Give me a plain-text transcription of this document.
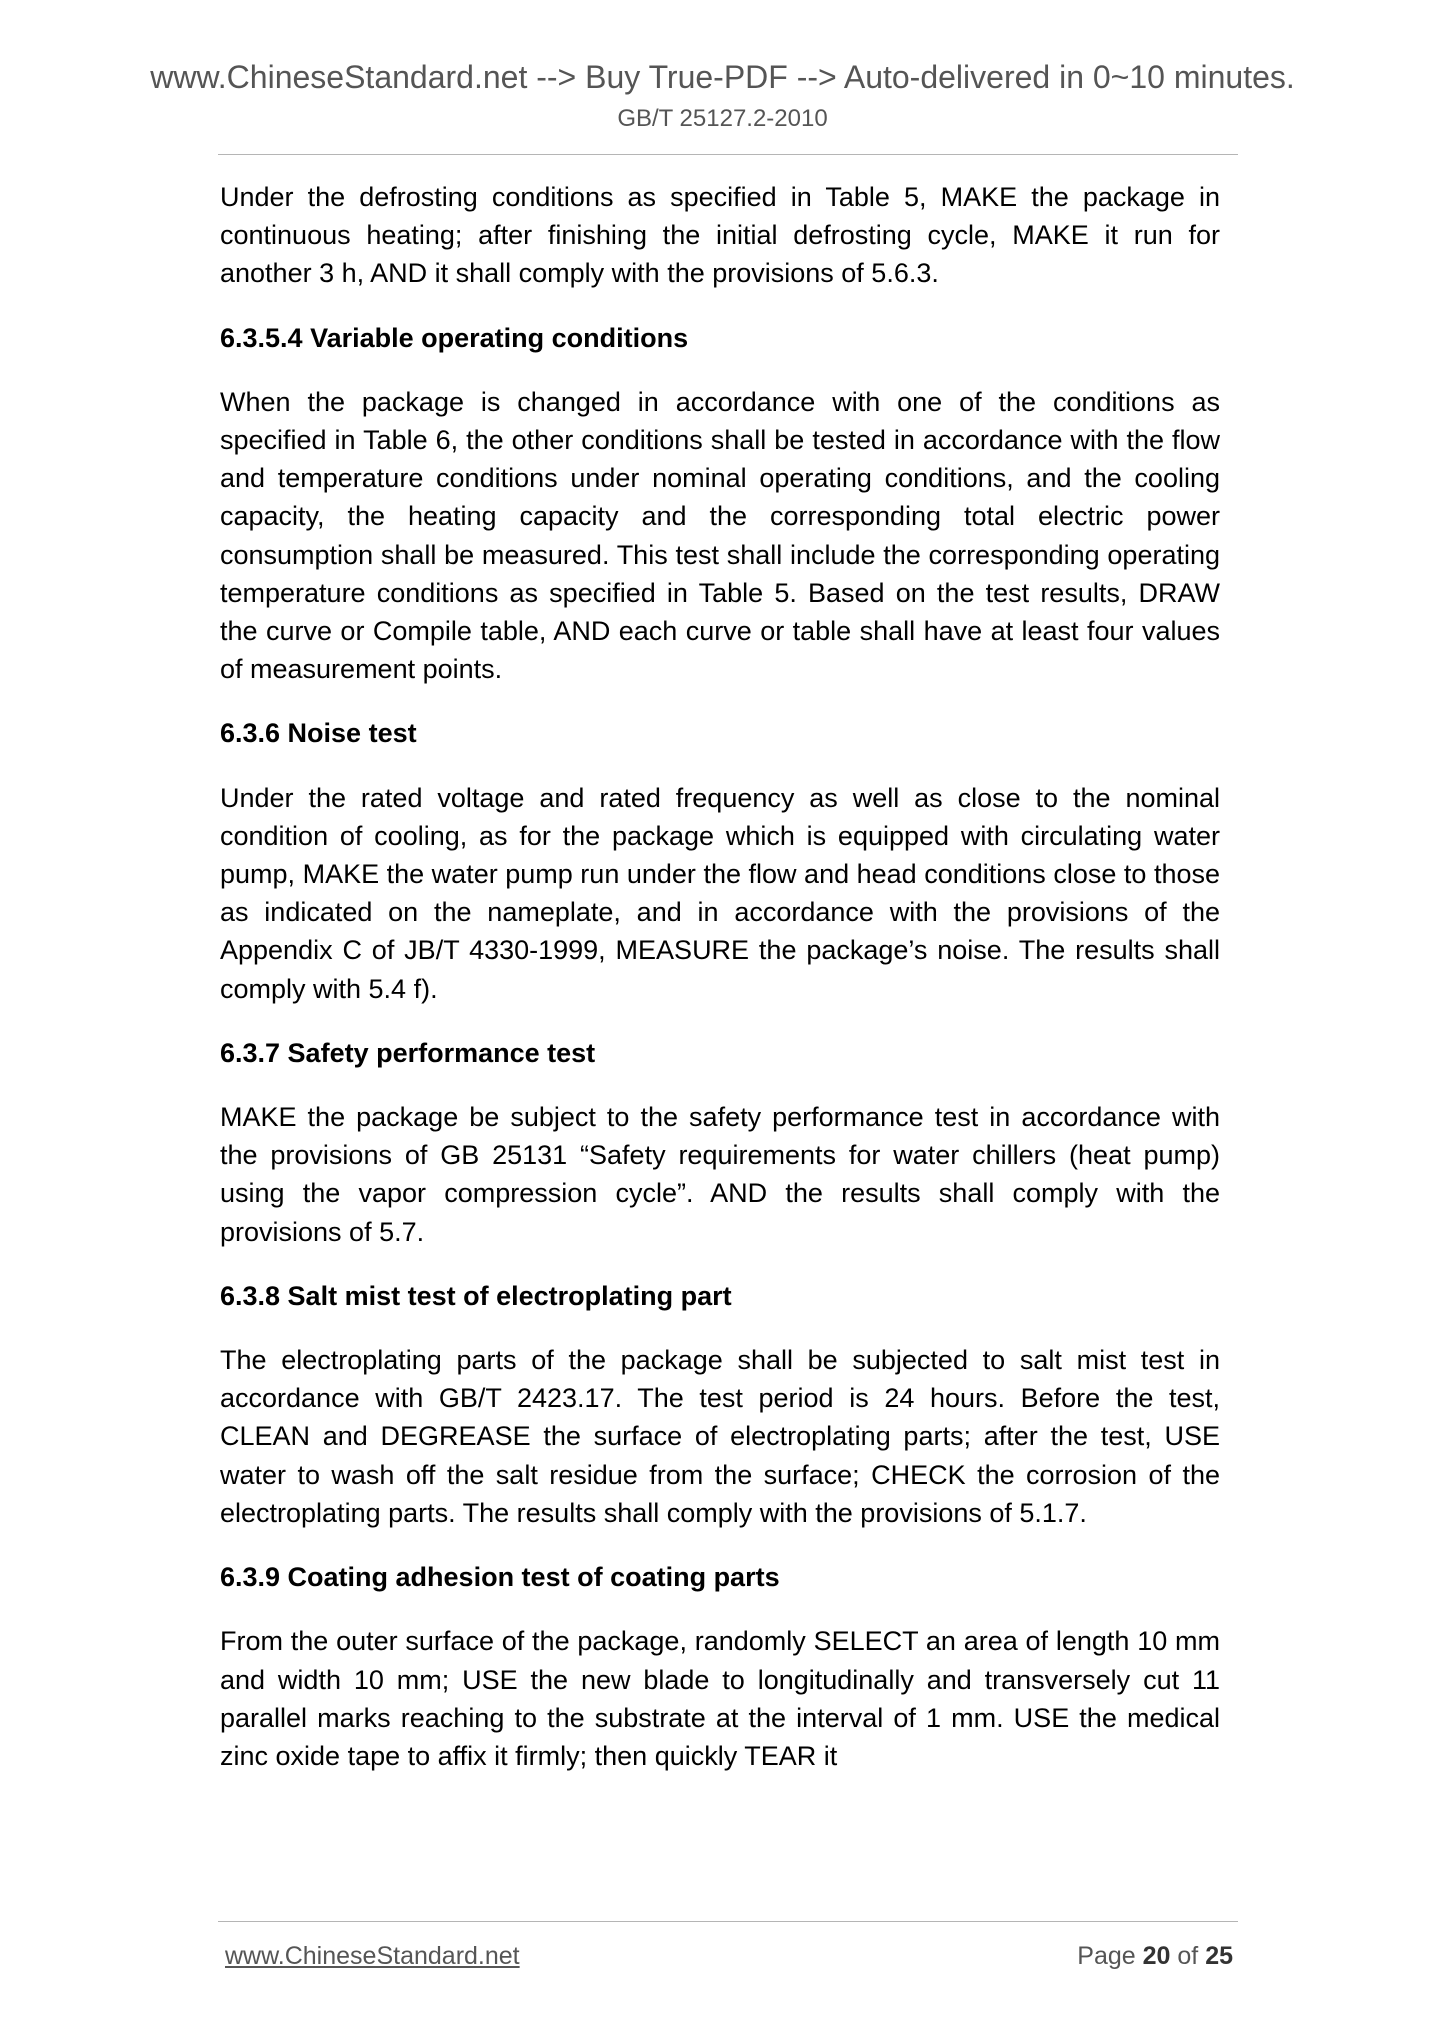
www.ChineseStandard.net --> Buy True-PDF --> Auto-delivered in 0~10 minutes.
GB/T 25127.2-2010

Under the defrosting conditions as specified in Table 5, MAKE the package in continuous heating; after finishing the initial defrosting cycle, MAKE it run for another 3 h, AND it shall comply with the provisions of 5.6.3.

6.3.5.4 Variable operating conditions

When the package is changed in accordance with one of the conditions as specified in Table 6, the other conditions shall be tested in accordance with the flow and temperature conditions under nominal operating conditions, and the cooling capacity, the heating capacity and the corresponding total electric power consumption shall be measured. This test shall include the corresponding operating temperature conditions as specified in Table 5. Based on the test results, DRAW the curve or Compile table, AND each curve or table shall have at least four values of measurement points.

6.3.6 Noise test

Under the rated voltage and rated frequency as well as close to the nominal condition of cooling, as for the package which is equipped with circulating water pump, MAKE the water pump run under the flow and head conditions close to those as indicated on the nameplate, and in accordance with the provisions of the Appendix C of JB/T 4330-1999, MEASURE the package’s noise. The results shall comply with 5.4 f).

6.3.7 Safety performance test

MAKE the package be subject to the safety performance test in accordance with the provisions of GB 25131 “Safety requirements for water chillers (heat pump) using the vapor compression cycle”. AND the results shall comply with the provisions of 5.7.

6.3.8 Salt mist test of electroplating part

The electroplating parts of the package shall be subjected to salt mist test in accordance with GB/T 2423.17. The test period is 24 hours. Before the test, CLEAN and DEGREASE the surface of electroplating parts; after the test, USE water to wash off the salt residue from the surface; CHECK the corrosion of the electroplating parts. The results shall comply with the provisions of 5.1.7.

6.3.9 Coating adhesion test of coating parts

From the outer surface of the package, randomly SELECT an area of length 10 mm and width 10 mm; USE the new blade to longitudinally and transversely cut 11 parallel marks reaching to the substrate at the interval of 1 mm. USE the medical zinc oxide tape to affix it firmly; then quickly TEAR it

www.ChineseStandard.net	Page 20 of 25
